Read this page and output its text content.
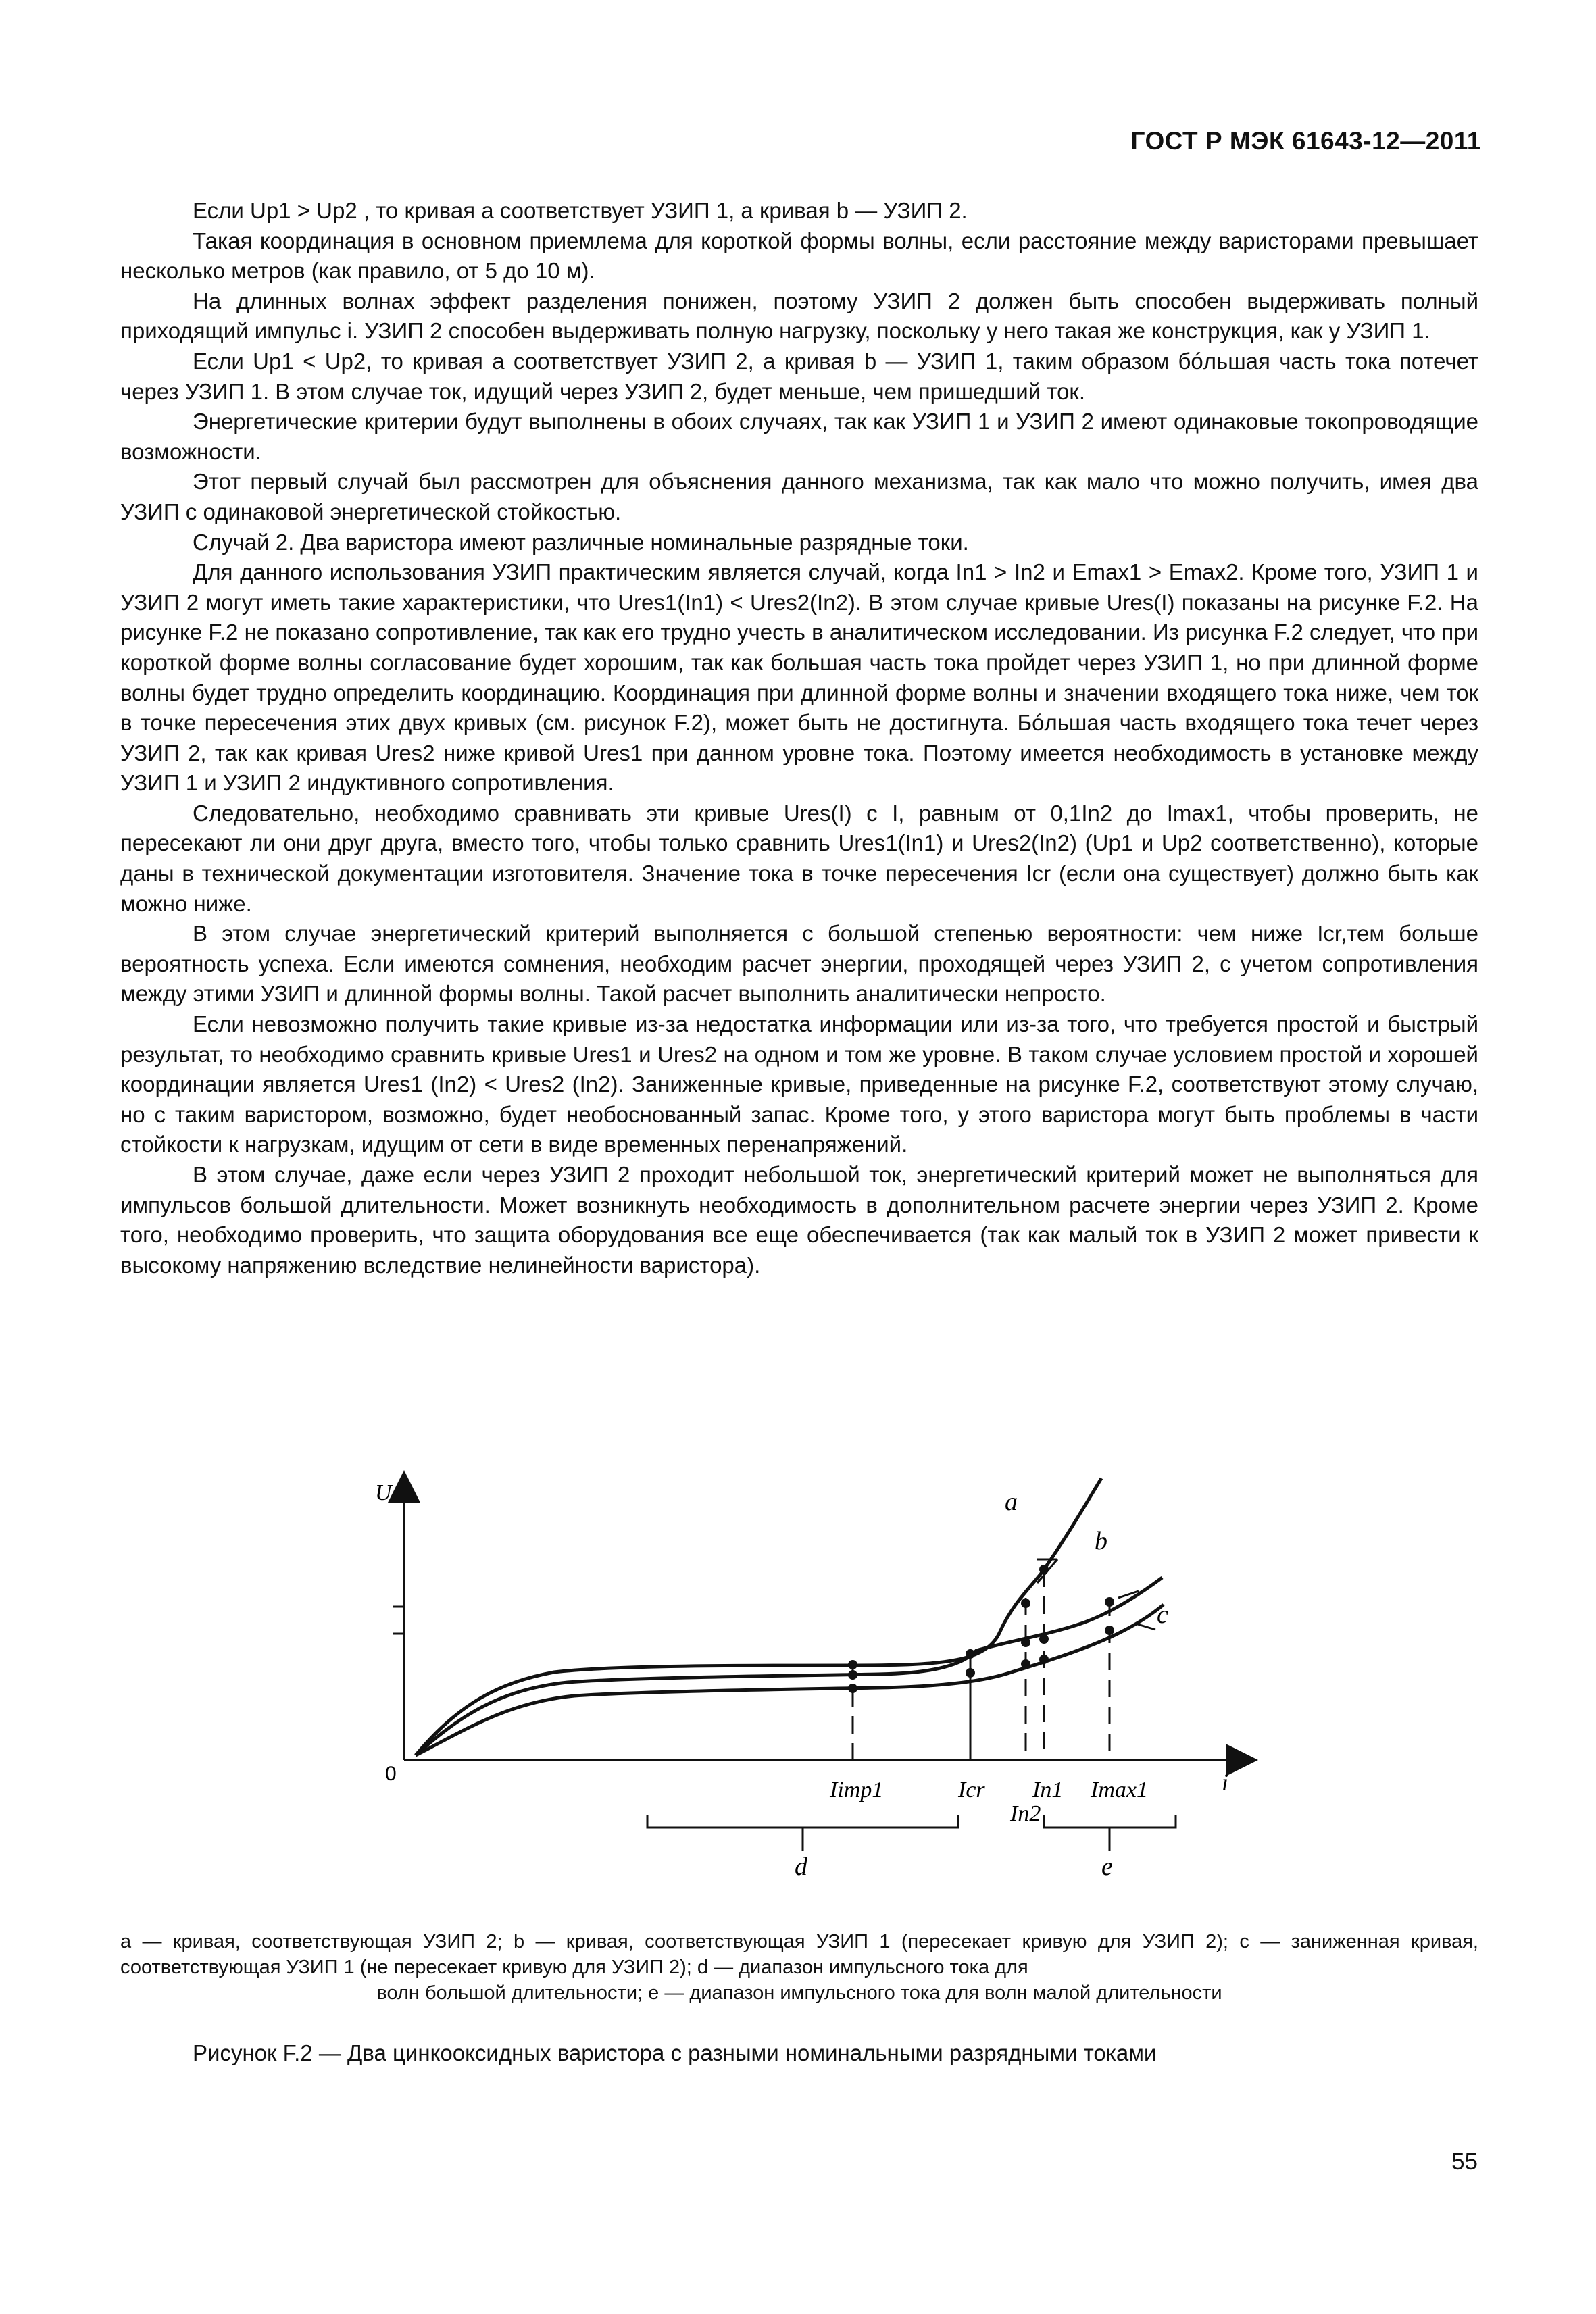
ГОСТ Р МЭК 61643-12—2011

Если Up1 > Up2 , то кривая a соответствует УЗИП 1, а кривая b — УЗИП 2.

Такая координация в основном приемлема для короткой формы волны, если расстояние между варисторами превышает несколько метров (как правило, от 5 до 10 м).

На длинных волнах эффект разделения понижен, поэтому УЗИП 2 должен быть способен выдерживать полный приходящий импульс i. УЗИП 2 способен выдерживать полную нагрузку, поскольку у него такая же конструкция, как у УЗИП 1.

Если Up1 < Up2, то кривая a соответствует УЗИП 2, а кривая b — УЗИП 1, таким образом бóльшая часть тока потечет через УЗИП 1. В этом случае ток, идущий через УЗИП 2, будет меньше, чем пришедший ток.

Энергетические критерии будут выполнены в обоих случаях, так как УЗИП 1 и УЗИП 2 имеют одинаковые токопроводящие возможности.

Этот первый случай был рассмотрен для объяснения данного механизма, так как мало что можно получить, имея два УЗИП с одинаковой энергетической стойкостью.

Случай 2. Два варистора имеют различные номинальные разрядные токи.

Для данного использования УЗИП практическим является случай, когда In1 > In2 и Emax1 > Emax2. Кроме того, УЗИП 1 и УЗИП 2 могут иметь такие характеристики, что Ures1(In1) < Ures2(In2). В этом случае кривые Ures(I) показаны на рисунке F.2. На рисунке F.2 не показано сопротивление, так как его трудно учесть в аналитическом исследовании. Из рисунка F.2 следует, что при короткой форме волны согласование будет хорошим, так как большая часть тока пройдет через УЗИП 1, но при длинной форме волны будет трудно определить координацию. Координация при длинной форме волны и значении входящего тока ниже, чем ток в точке пересечения этих двух кривых (см. рисунок F.2), может быть не достигнута. Бóльшая часть входящего тока течет через УЗИП 2, так как кривая Ures2 ниже кривой Ures1 при данном уровне тока. Поэтому имеется необходимость в установке между УЗИП 1 и УЗИП 2 индуктивного сопротивления.

Следовательно, необходимо сравнивать эти кривые Ures(I) с I, равным от 0,1In2 до Imax1, чтобы проверить, не пересекают ли они друг друга, вместо того, чтобы только сравнить Ures1(In1) и Ures2(In2) (Up1 и Up2 соответственно), которые даны в технической документации изготовителя. Значение тока в точке пересечения Icr (если она существует) должно быть как можно ниже.

В этом случае энергетический критерий выполняется с большой степенью вероятности: чем ниже Icr,тем больше вероятность успеха. Если имеются сомнения, необходим расчет энергии, проходящей через УЗИП 2, с учетом сопротивления между этими УЗИП и длинной формы волны. Такой расчет выполнить аналитически непросто.

Если невозможно получить такие кривые из-за недостатка информации или из-за того, что требуется простой и быстрый результат, то необходимо сравнить кривые Ures1 и Ures2 на одном и том же уровне. В таком случае условием простой и хорошей координации является Ures1 (In2) < Ures2 (In2). Заниженные кривые, приведенные на рисунке F.2, соответствуют этому случаю, но с таким варистором, возможно, будет необоснованный запас. Кроме того, у этого варистора могут быть проблемы в части стойкости к нагрузкам, идущим от сети в виде временных перенапряжений.

В этом случае, даже если через УЗИП 2 проходит небольшой ток, энергетический критерий может не выполняться для импульсов большой длительности. Может возникнуть необходимость в дополнительном расчете энергии через УЗИП 2. Кроме того, необходимо проверить, что защита оборудования все еще обеспечивается (так как малый ток в УЗИП 2 может привести к высокому напряжению вследствие нелинейности варистора).

U
i
0
a
b
c
Iimp1	Icr In1
In2
Imax1
d	e
a — кривая, соответствующая УЗИП 2; b — кривая, соответствующая УЗИП 1 (пересекает кривую для УЗИП 2); c — заниженная кривая, соответствующая УЗИП 1 (не пересекает кривую для УЗИП 2); d — диапазон импульсного тока для
волн большой длительности; e — диапазон импульсного тока для волн малой длительности
Рисунок F.2 — Два цинкооксидных варистора с разными номинальными разрядными токами
55
